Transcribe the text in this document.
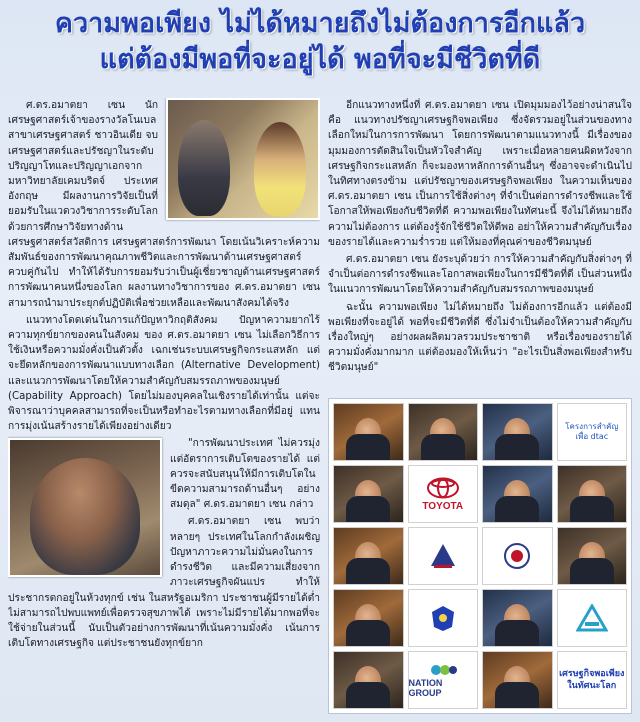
ความพอเพียง ไม่ได้หมายถึงไม่ต้องการอีกแล้ว
แต่ต้องมีพอที่จะอยู่ได้ พอที่จะมีชีวิตที่ดี

ศ.ดร.อมาตยา เซน นักเศรษฐศาสตร์เจ้าของรางวัลโนเบล สาขาเศรษฐศาสตร์ ชาวอินเดีย จบเศรษฐศาสตร์และปรัชญาในระดับปริญญาโทและปริญญาเอกจากมหาวิทยาลัยเคมบริดจ์ ประเทศอังกฤษ มีผลงานการวิจัยเป็นที่ยอมรับในแวดวงวิชาการระดับโลก ด้วยการศึกษาวิจัยทางด้านเศรษฐศาสตร์สวัสดิการ เศรษฐศาสตร์การพัฒนา โดยเน้นวิเคราะห์ความสัมพันธ์ของการพัฒนาคุณภาพชีวิตและการพัฒนาด้านเศรษฐศาสตร์ควบคู่กันไป ทำให้ได้รับการยอมรับว่าเป็นผู้เชี่ยวชาญด้านเศรษฐศาสตร์การพัฒนาคนหนึ่งของโลก ผลงานทางวิชาการของ ศ.ดร.อมาตยา เซน สามารถนำมาประยุกต์ปฏิบัติเพื่อช่วยเหลือและพัฒนาสังคมได้จริง

แนวทางโดดเด่นในการแก้ปัญหาวิกฤติสังคม ปัญหาความยากไร้ ความทุกข์ยากของคนในสังคม ของ ศ.ดร.อมาตยา เซน ไม่เลือกวิธีการใช้เงินหรือความมั่งคั่งเป็นตัวตั้ง เฉกเช่นระบบเศรษฐกิจกระแสหลัก แต่จะยึดหลักของการพัฒนาแบบทางเลือก (Alternative Development) และแนวการพัฒนาโดยให้ความสำคัญกับสมรรถภาพของมนุษย์ (Capability Approach) โดยไม่มองบุคคลในเชิงรายได้เท่านั้น แต่จะพิจารณาว่าบุคคลสามารถที่จะเป็นหรือทำอะไรตามทางเลือกที่มีอยู่ แทนการมุ่งเน้นสร้างรายได้เพียงอย่างเดียว

"การพัฒนาประเทศ ไม่ควรมุ่งแต่อัตราการเติบโตของรายได้ แต่ควรจะสนับสนุนให้มีการเติบโตในขีดความสามารถด้านอื่นๆ อย่างสมดุล" ศ.ดร.อมาตยา เซน กล่าว

ศ.ดร.อมาตยา เซน พบว่า หลายๆ ประเทศในโลกกำลังเผชิญปัญหาภาวะความไม่มั่นคงในการดำรงชีวิต และมีความเสี่ยงจากภาวะเศรษฐกิจผันแปร ทำให้ประชากรตกอยู่ในห้วงทุกข์ เช่น ในสหรัฐอเมริกา ประชาชนผู้มีรายได้ต่ำ ไม่สามารถไปพบแพทย์เพื่อตรวจสุขภาพได้ เพราะไม่มีรายได้มากพอที่จะใช้จ่ายในส่วนนี้ นับเป็นตัวอย่างการพัฒนาที่เน้นความมั่งคั่ง เน้นการเติบโตทางเศรษฐกิจ แต่ประชาชนยังทุกข์ยาก

อีกแนวทางหนึ่งที่ ศ.ดร.อมาตยา เซน เปิดมุมมองไว้อย่างน่าสนใจ คือ แนวทางปรัชญาเศรษฐกิจพอเพียง ซึ่งจัดรวมอยู่ในส่วนของทางเลือกใหม่ในการการพัฒนา โดยการพัฒนาตามแนวทางนี้ มีเรื่องของมุมมองการตัดสินใจเป็นหัวใจสำคัญ เพราะเมื่อหลายคนผิดหวังจากเศรษฐกิจกระแสหลัก ก็จะมองหาหลักการด้านอื่นๆ ซึ่งอาจจะดำเนินไปในทิศทางตรงข้าม แต่ปรัชญาของเศรษฐกิจพอเพียง ในความเห็นของ ศ.ดร.อมาตยา เซน เป็นการใช้สิ่งต่างๆ ที่จำเป็นต่อการดำรงชีพและใช้โอกาสให้พอเพียงกับชีวิตที่ดี ความพอเพียงในทัศนะนี้ จึงไม่ได้หมายถึง ความไม่ต้องการ แต่ต้องรู้จักใช้ชีวิตให้ดีพอ อย่าให้ความสำคัญกับเรื่องของรายได้และความร่ำรวย แต่ให้มองที่คุณค่าของชีวิตมนุษย์

ศ.ดร.อมาตยา เซน ยังระบุด้วยว่า การให้ความสำคัญกับสิ่งต่างๆ ที่จำเป็นต่อการดำรงชีพและโอกาสพอเพียงในการมีชีวิตที่ดี เป็นส่วนหนึ่งในแนวการพัฒนาโดยให้ความสำคัญกับสมรรถภาพของมนุษย์

ฉะนั้น ความพอเพียง ไม่ได้หมายถึง ไม่ต้องการอีกแล้ว แต่ต้องมีพอเพียงที่จะอยู่ได้ พอที่จะมีชีวิตที่ดี ซึ่งไม่จำเป็นต้องให้ความสำคัญกับเรื่องใหญ่ๆ อย่างผลผลิตมวลรวมประชาชาติ หรือเรื่องของรายได้ ความมั่งคั่งมากมาก แต่ต้องมองให้เห็นว่า "อะไรเป็นสิ่งพอเพียงสำหรับชีวิตมนุษย์"

โครงการสำคัญ
เพื่อ dtac
TOYOTA
NATION GROUP
เศรษฐกิจพอเพียง
ในทัศนะโลก
